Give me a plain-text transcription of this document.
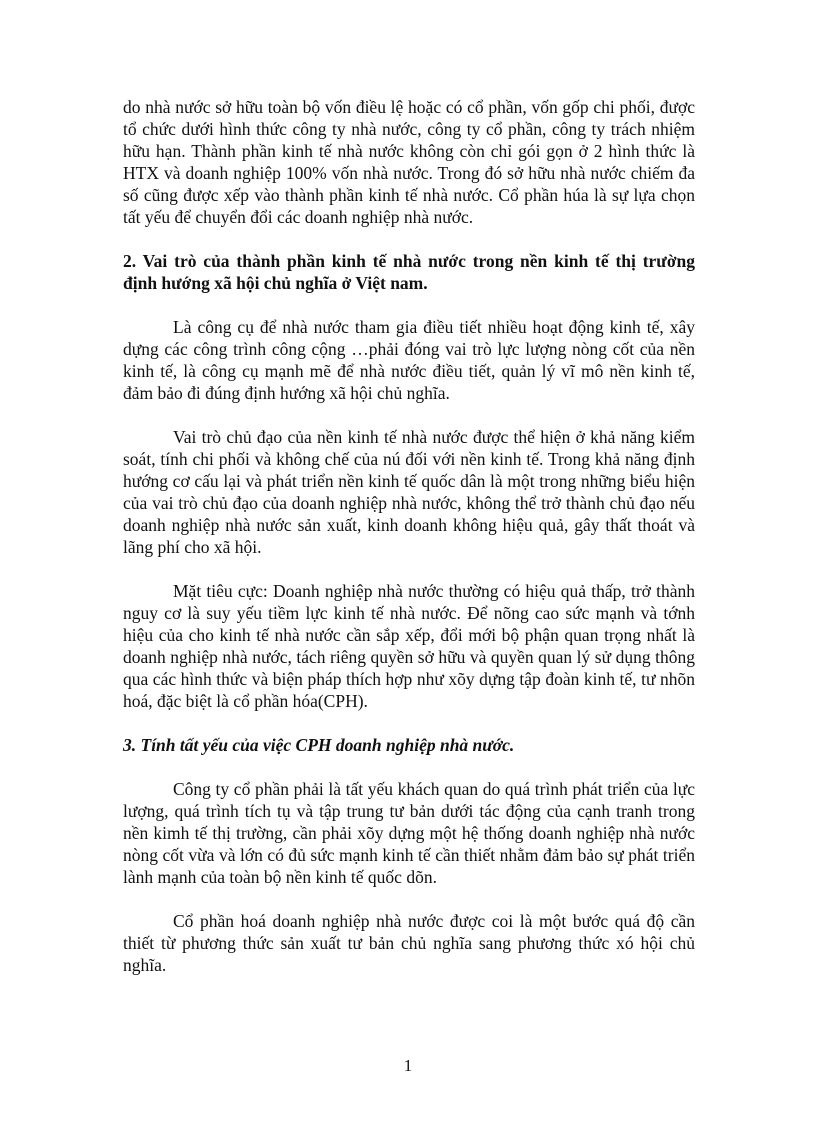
do nhà nước sở hữu toàn bộ vốn điều lệ hoặc có cổ phần, vốn gốp chi phối, được tổ chức dưới hình thức công ty nhà nước, công ty cổ phần, công ty trách nhiệm hữu hạn. Thành phần kinh tế nhà nước không còn chỉ gói gọn ở 2 hình thức là HTX và doanh nghiệp 100% vốn nhà nước. Trong đó sở hữu nhà nước chiếm đa số cũng được xếp vào thành phần kinh tế nhà nước. Cổ phần húa là sự lựa chọn tất yếu để chuyển đổi các doanh nghiệp nhà nước.

2. Vai trò của thành phần kinh tế nhà nước trong nền kinh tế thị trường định hướng xã hội chủ nghĩa ở Việt nam.

Là công cụ để nhà nước tham gia điều tiết nhiều hoạt động kinh tế, xây dựng các công trình công cộng …phải đóng vai trò lực lượng nòng cốt của nền kinh tế, là công cụ mạnh mẽ để nhà nước điều tiết, quản lý vĩ mô nền kinh tế, đảm bảo đi đúng định hướng xã hội chủ nghĩa.

Vai trò chủ đạo của nền kinh tế nhà nước được thể hiện ở khả năng kiểm soát, tính chi phối và không chế của nú đối với nền kinh tế. Trong khả năng định hướng cơ cấu lại và phát triển nền kinh tế quốc dân là một trong những biểu hiện của vai trò chủ đạo của doanh nghiệp nhà nước, không thể trở thành chủ đạo nếu doanh nghiệp nhà nước sản xuất, kinh doanh không hiệu quả, gây thất thoát và lãng phí cho xã hội.

Mặt tiêu cực: Doanh nghiệp nhà nước thường có hiệu quả thấp, trở thành nguy cơ là suy yếu tiềm lực kinh tế nhà nước. Để nõng cao sức mạnh và tớnh hiệu của cho kinh tế nhà nước cần sắp xếp, đổi mới bộ phận quan trọng nhất là doanh nghiệp nhà nước, tách riêng quyền sở hữu và quyền quan lý sử dụng thông qua các hình thức và biện pháp thích hợp như xõy dựng tập đoàn kinh tế, tư nhõn hoá, đặc biệt là cổ phần hóa(CPH).

3. Tính tất yếu của việc CPH doanh nghiệp nhà nước.

Công ty cổ phần phải là tất yếu khách quan do quá trình phát triển của lực lượng, quá trình tích tụ và tập trung tư bản dưới tác động của cạnh tranh trong nền kimh tế thị trường, cần phải xõy dựng một hệ thống doanh nghiệp nhà nước nòng cốt vừa và lớn có đủ sức mạnh kinh tế cần thiết nhằm đảm bảo sự phát triển lành mạnh của toàn bộ nền kinh tế quốc dõn.

Cổ phần hoá doanh nghiệp nhà nước được coi là một bước quá độ cần thiết từ phương thức sản xuất tư bản chủ nghĩa sang phương thức xó hội chủ nghĩa.

1
